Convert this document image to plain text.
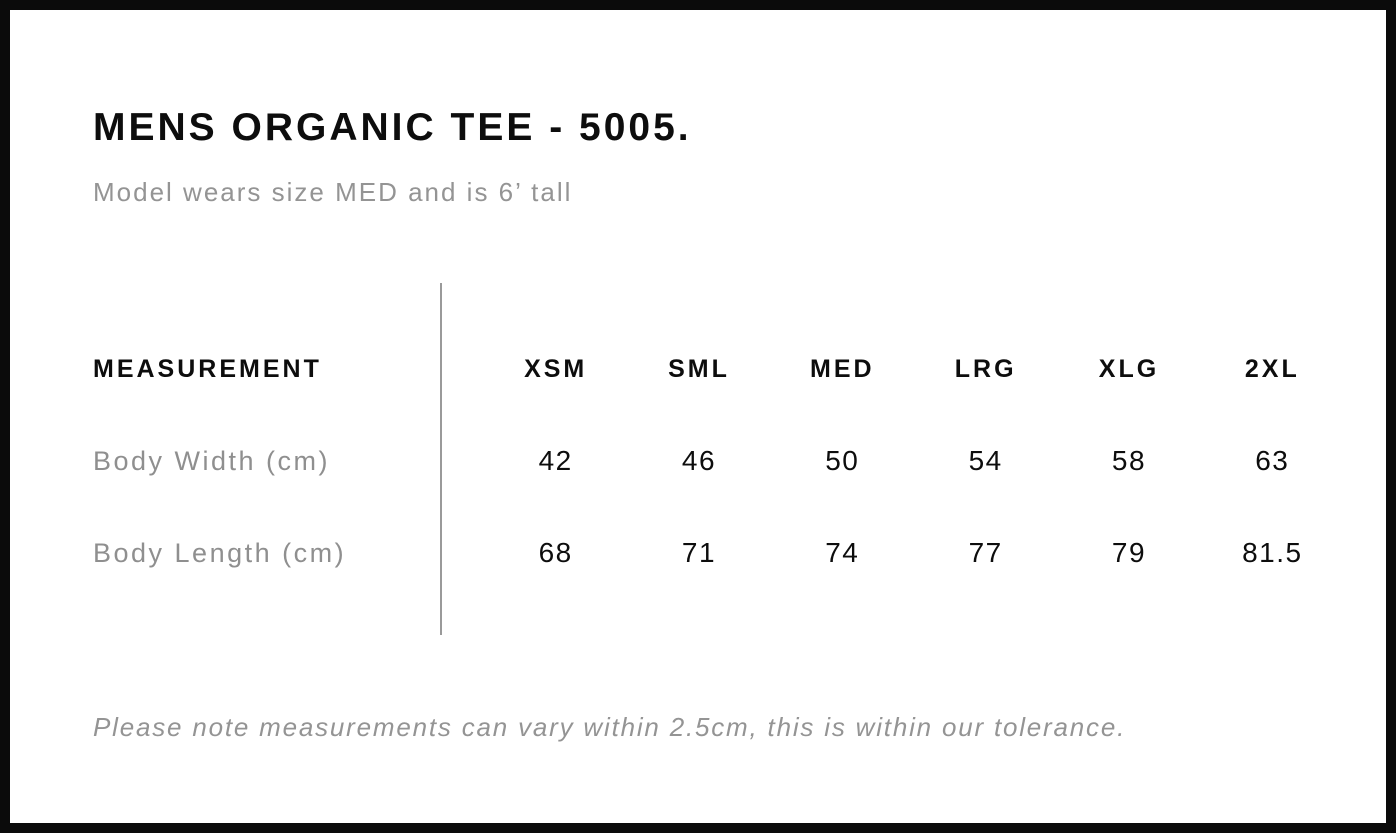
MENS ORGANIC TEE - 5005.
Model wears size MED and is 6’ tall
MEASUREMENT	XSM	SML	MED	LRG	XLG	2XL
Body Width (cm)	42	46	50	54	58	63
Body Length (cm)	68	71	74	77	79	81.5
Please note measurements can vary within 2.5cm, this is within our tolerance.
